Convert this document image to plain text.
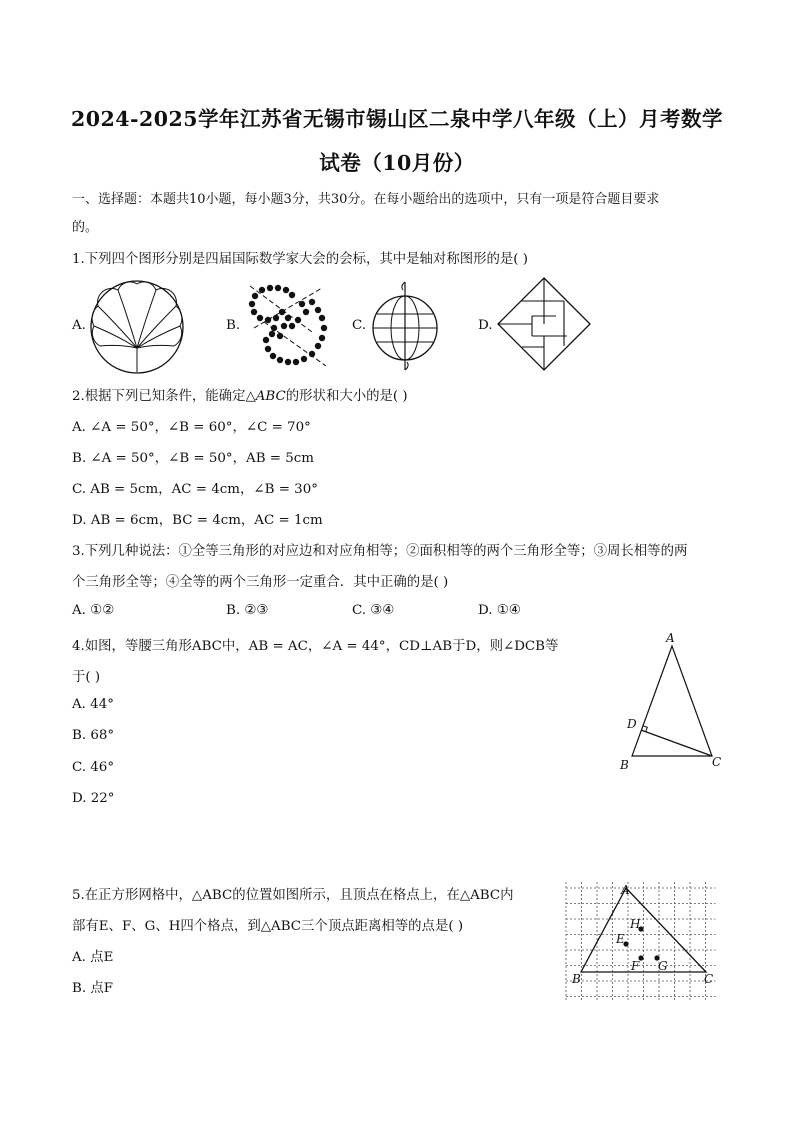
2024-2025学年江苏省无锡市锡山区二泉中学八年级（上）月考数学
试卷（10月份）
一、选择题：本题共10小题，每小题3分，共30分。在每小题给出的选项中，只有一项是符合题目要求
的。
1.下列四个图形分别是四届国际数学家大会的会标，其中是轴对称图形的是( )
A.	B.	C.	D.
2.根据下列已知条件，能确定△ABC的形状和大小的是( )
A. ∠A = 50°，∠B = 60°，∠C = 70°
B. ∠A = 50°，∠B = 50°，AB = 5cm
C. AB = 5cm，AC = 4cm，∠B = 30°
D. AB = 6cm，BC = 4cm，AC = 1cm
3.下列几种说法：①全等三角形的对应边和对应角相等；②面积相等的两个三角形全等；③周长相等的两
个三角形全等；④全等的两个三角形一定重合．其中正确的是( )
A. ①②	B. ②③	C. ③④	D. ①④
4.如图，等腰三角形ABC中，AB = AC，∠A = 44°，CD⊥AB于D，则∠DCB等
于( )
A. 44°
B. 68°
C. 46°
D. 22°
A
B	C
D
5.在正方形网格中，△ABC的位置如图所示，且顶点在格点上，在△ABC内
部有E、F、G、H四个格点，到△ABC三个顶点距离相等的点是( )
A. 点E
B. 点F
A
B	C
E
F G
H
